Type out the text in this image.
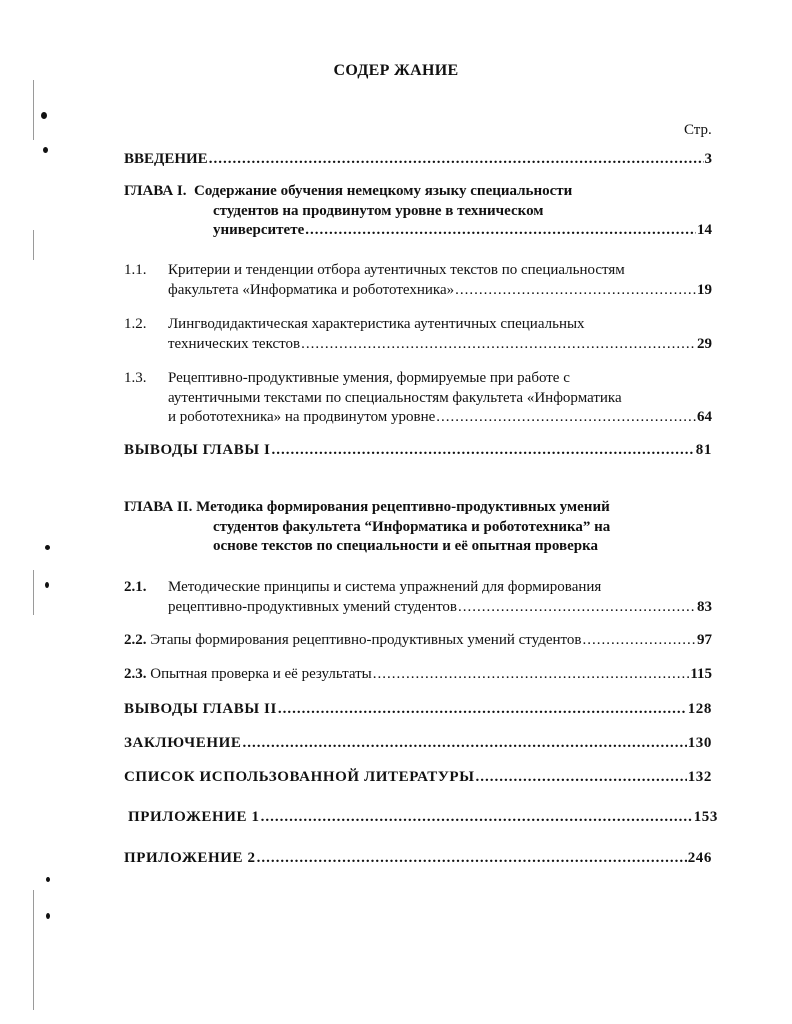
СОДЕР ЖАНИЕ
Стр.
ВВЕДЕНИЕ .....	3
ГЛАВА I. Содержание обучения немецкому языку специальности
студентов на продвинутом уровне в техническом
университете .....	14
1.1.	Критерии и тенденции отбора аутентичных текстов по специальностям
факультета «Информатика и робототехника» .....	19
1.2.	Лингводидактическая характеристика аутентичных специальных
технических текстов .....	29
1.3.	Рецептивно-продуктивные умения, формируемые при работе с
аутентичными текстами по специальностям факультета «Информатика
и робототехника» на продвинутом уровне .....	64
ВЫВОДЫ ГЛАВЫ I .....	81
ГЛАВА II. Методика формирования рецептивно-продуктивных умений
студентов факультета “Информатика и робототехника” на
основе текстов по специальности и её опытная проверка
2.1.	Методические принципы и система упражнений для формирования
рецептивно-продуктивных умений студентов .....	83
2.2. Этапы формирования рецептивно-продуктивных умений студентов .....	97
2.3. Опытная проверка и её результаты .....	115
ВЫВОДЫ ГЛАВЫ II .....	128
ЗАКЛЮЧЕНИЕ .....	130
СПИСОК ИСПОЛЬЗОВАННОЙ ЛИТЕРАТУРЫ .....	132
ПРИЛОЖЕНИЕ 1 .....	153
ПРИЛОЖЕНИЕ 2 .....	246
